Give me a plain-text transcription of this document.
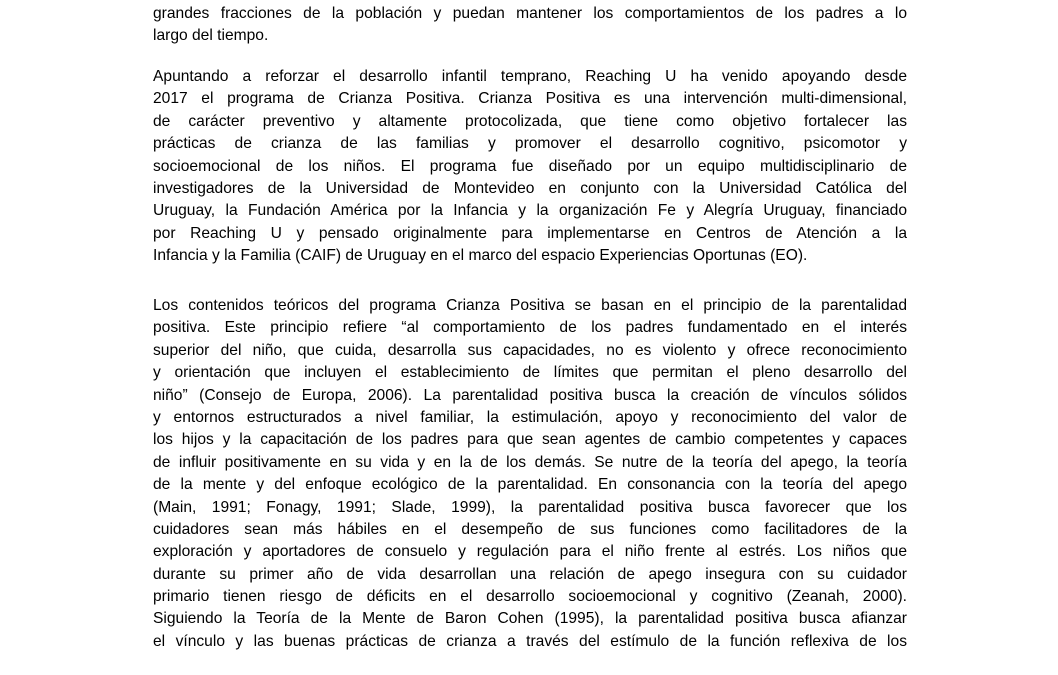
grandes fracciones de la población y puedan mantener los comportamientos de los padres a lo
largo del tiempo.

Apuntando a reforzar el desarrollo infantil temprano, Reaching U ha venido apoyando desde
2017 el programa de Crianza Positiva. Crianza Positiva es una intervención multi-dimensional,
de carácter preventivo y altamente protocolizada, que tiene como objetivo fortalecer las
prácticas de crianza de las familias y promover el desarrollo cognitivo, psicomotor y
socioemocional de los niños. El programa fue diseñado por un equipo multidisciplinario de
investigadores de la Universidad de Montevideo en conjunto con la Universidad Católica del
Uruguay, la Fundación América por la Infancia y la organización Fe y Alegría Uruguay, financiado
por Reaching U y pensado originalmente para implementarse en Centros de Atención a la
Infancia y la Familia (CAIF) de Uruguay en el marco del espacio Experiencias Oportunas (EO).

Los contenidos teóricos del programa Crianza Positiva se basan en el principio de la parentalidad
positiva. Este principio refiere “al comportamiento de los padres fundamentado en el interés
superior del niño, que cuida, desarrolla sus capacidades, no es violento y ofrece reconocimiento
y orientación que incluyen el establecimiento de límites que permitan el pleno desarrollo del
niño” (Consejo de Europa, 2006). La parentalidad positiva busca la creación de vínculos sólidos
y entornos estructurados a nivel familiar, la estimulación, apoyo y reconocimiento del valor de
los hijos y la capacitación de los padres para que sean agentes de cambio competentes y capaces
de influir positivamente en su vida y en la de los demás. Se nutre de la teoría del apego, la teoría
de la mente y del enfoque ecológico de la parentalidad. En consonancia con la teoría del apego
(Main, 1991; Fonagy, 1991; Slade, 1999), la parentalidad positiva busca favorecer que los
cuidadores sean más hábiles en el desempeño de sus funciones como facilitadores de la
exploración y aportadores de consuelo y regulación para el niño frente al estrés. Los niños que
durante su primer año de vida desarrollan una relación de apego insegura con su cuidador
primario tienen riesgo de déficits en el desarrollo socioemocional y cognitivo (Zeanah, 2000).
Siguiendo la Teoría de la Mente de Baron Cohen (1995), la parentalidad positiva busca afianzar
el vínculo y las buenas prácticas de crianza a través del estímulo de la función reflexiva de los
